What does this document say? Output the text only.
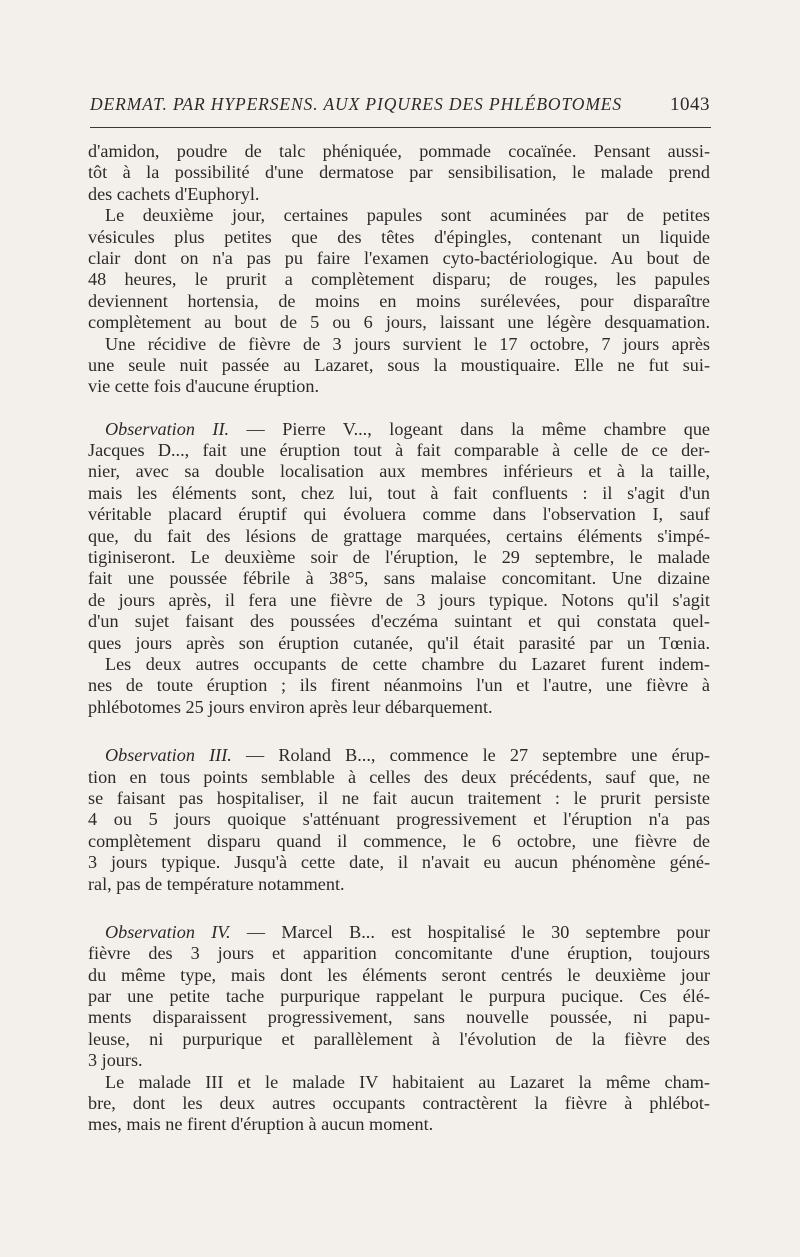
DERMAT. PAR HYPERSENS. AUX PIQURES DES PHLÉBOTOMES	1043
d'amidon, poudre de talc phéniquée, pommade cocaïnée. Pensant aussi-
tôt à la possibilité d'une dermatose par sensibilisation, le malade prend
des cachets d'Euphoryl.
Le deuxième jour, certaines papules sont acuminées par de petites
vésicules plus petites que des têtes d'épingles, contenant un liquide
clair dont on n'a pas pu faire l'examen cyto-bactériologique. Au bout de
48 heures, le prurit a complètement disparu; de rouges, les papules
deviennent hortensia, de moins en moins surélevées, pour disparaître
complètement au bout de 5 ou 6 jours, laissant une légère desquamation.
Une récidive de fièvre de 3 jours survient le 17 octobre, 7 jours après
une seule nuit passée au Lazaret, sous la moustiquaire. Elle ne fut sui-
vie cette fois d'aucune éruption.
Observation II. — Pierre V..., logeant dans la même chambre que
Jacques D..., fait une éruption tout à fait comparable à celle de ce der-
nier, avec sa double localisation aux membres inférieurs et à la taille,
mais les éléments sont, chez lui, tout à fait confluents : il s'agit d'un
véritable placard éruptif qui évoluera comme dans l'observation I, sauf
que, du fait des lésions de grattage marquées, certains éléments s'impé-
tiginiseront. Le deuxième soir de l'éruption, le 29 septembre, le malade
fait une poussée fébrile à 38°5, sans malaise concomitant. Une dizaine
de jours après, il fera une fièvre de 3 jours typique. Notons qu'il s'agit
d'un sujet faisant des poussées d'eczéma suintant et qui constata quel-
ques jours après son éruption cutanée, qu'il était parasité par un Tœnia.
Les deux autres occupants de cette chambre du Lazaret furent indem-
nes de toute éruption ; ils firent néanmoins l'un et l'autre, une fièvre à
phlébotomes 25 jours environ après leur débarquement.
Observation III. — Roland B..., commence le 27 septembre une érup-
tion en tous points semblable à celles des deux précédents, sauf que, ne
se faisant pas hospitaliser, il ne fait aucun traitement : le prurit persiste
4 ou 5 jours quoique s'atténuant progressivement et l'éruption n'a pas
complètement disparu quand il commence, le 6 octobre, une fièvre de
3 jours typique. Jusqu'à cette date, il n'avait eu aucun phénomène géné-
ral, pas de température notamment.
Observation IV. — Marcel B... est hospitalisé le 30 septembre pour
fièvre des 3 jours et apparition concomitante d'une éruption, toujours
du même type, mais dont les éléments seront centrés le deuxième jour
par une petite tache purpurique rappelant le purpura pucique. Ces élé-
ments disparaissent progressivement, sans nouvelle poussée, ni papu-
leuse, ni purpurique et parallèlement à l'évolution de la fièvre des
3 jours.
Le malade III et le malade IV habitaient au Lazaret la même cham-
bre, dont les deux autres occupants contractèrent la fièvre à phlébot-
mes, mais ne firent d'éruption à aucun moment.
